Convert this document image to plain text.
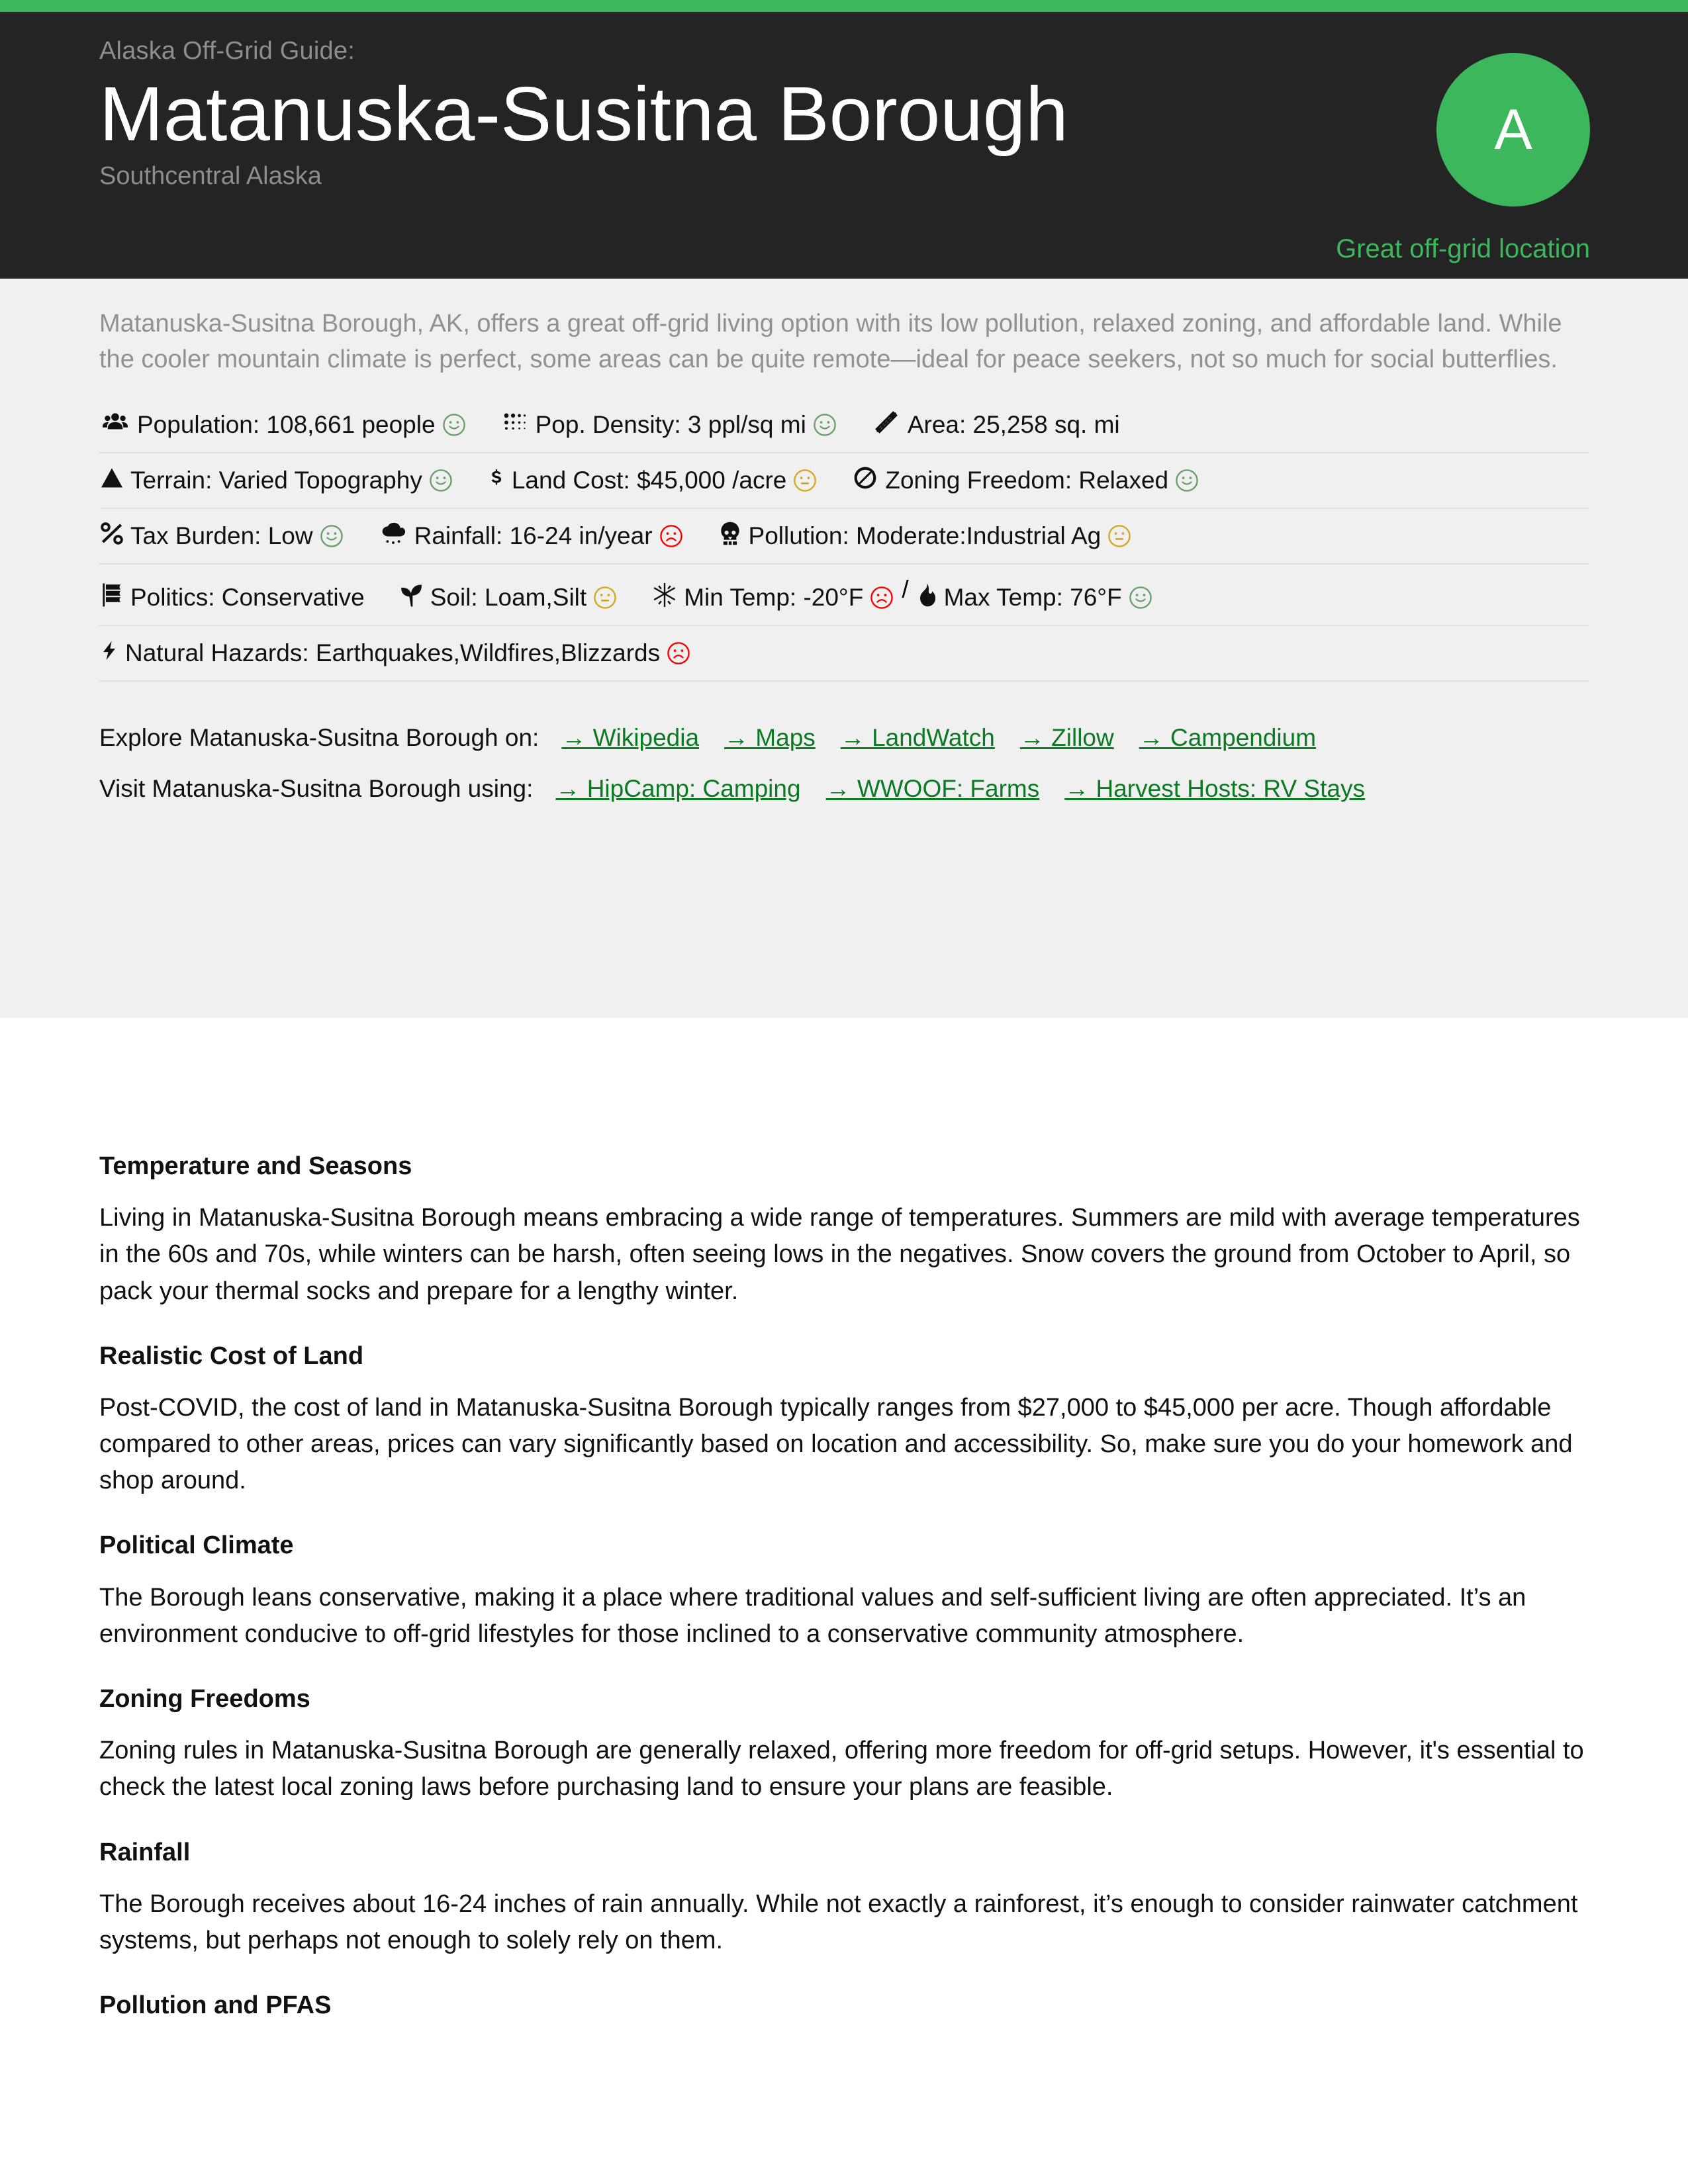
Alaska Off-Grid Guide:
Matanuska-Susitna Borough
Southcentral Alaska
A
Great off-grid location
Matanuska-Susitna Borough, AK, offers a great off-grid living option with its low pollution, relaxed zoning, and affordable land. While the cooler mountain climate is perfect, some areas can be quite remote—ideal for peace seekers, not so much for social butterflies.
Population: 108,661 people	Pop. Density: 3 ppl/sq mi	Area: 25,258 sq. mi
Terrain: Varied Topography	Land Cost: $45,000 /acre	Zoning Freedom: Relaxed
Tax Burden: Low	Rainfall: 16-24 in/year	Pollution: Moderate:Industrial Ag
Politics: Conservative	Soil: Loam,Silt	Min Temp: -20°F / Max Temp: 76°F
Natural Hazards: Earthquakes,Wildfires,Blizzards
Explore Matanuska-Susitna Borough on: → Wikipedia → Maps → LandWatch → Zillow → Campendium
Visit Matanuska-Susitna Borough using: → HipCamp: Camping → WWOOF: Farms → Harvest Hosts: RV Stays
Temperature and Seasons
Living in Matanuska-Susitna Borough means embracing a wide range of temperatures. Summers are mild with average temperatures in the 60s and 70s, while winters can be harsh, often seeing lows in the negatives. Snow covers the ground from October to April, so pack your thermal socks and prepare for a lengthy winter.
Realistic Cost of Land
Post-COVID, the cost of land in Matanuska-Susitna Borough typically ranges from $27,000 to $45,000 per acre. Though affordable compared to other areas, prices can vary significantly based on location and accessibility. So, make sure you do your homework and shop around.
Political Climate
The Borough leans conservative, making it a place where traditional values and self-sufficient living are often appreciated. It’s an environment conducive to off-grid lifestyles for those inclined to a conservative community atmosphere.
Zoning Freedoms
Zoning rules in Matanuska-Susitna Borough are generally relaxed, offering more freedom for off-grid setups. However, it's essential to check the latest local zoning laws before purchasing land to ensure your plans are feasible.
Rainfall
The Borough receives about 16-24 inches of rain annually. While not exactly a rainforest, it’s enough to consider rainwater catchment systems, but perhaps not enough to solely rely on them.
Pollution and PFAS
